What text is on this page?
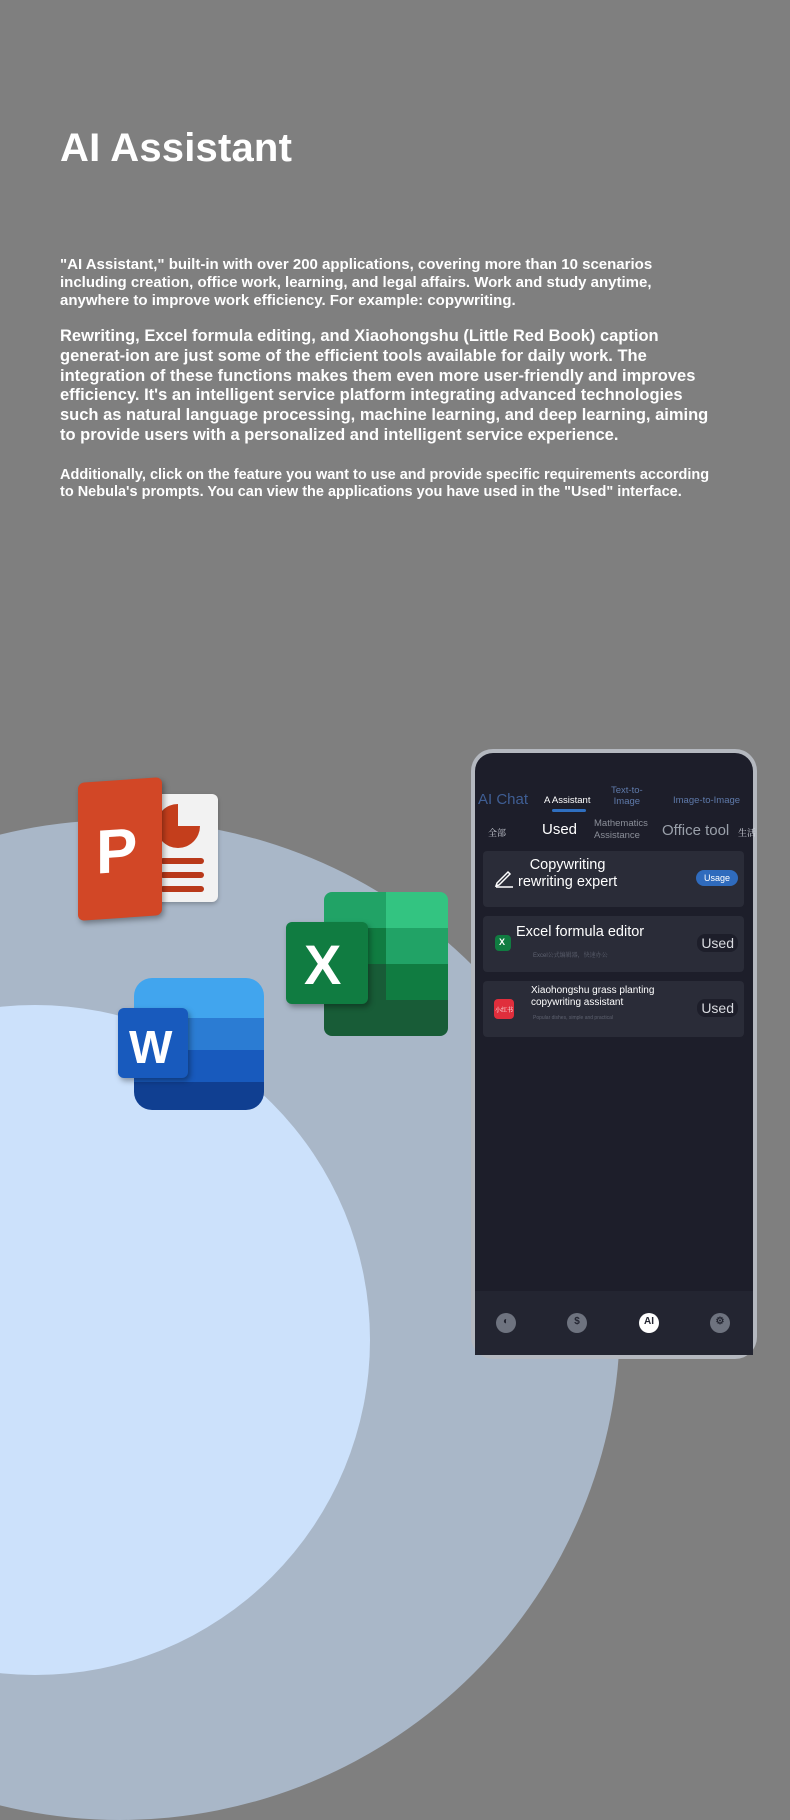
AI Assistant

"AI Assistant," built-in with over 200 applications, covering more than 10 scenarios including creation, office work, learning, and legal affairs. Work and study anytime, anywhere to improve work efficiency. For example: copywriting.

Rewriting, Excel formula editing, and Xiaohongshu (Little Red Book) caption generat-ion are just some of the efficient tools available for daily work. The integration of these functions makes them even more user-friendly and improves efficiency. It's an intelligent service platform integrating advanced technologies such as natural language processing, machine learning, and deep learning, aiming to provide users with a personalized and intelligent service experience.

Additionally, click on the feature you want to use and provide specific requirements according to Nebula's prompts. You can view the applications you have used in the "Used" interface.

P
W
X
AI Chat A Assistant
Text-to-
Image	Image-to-Image
全部 Used Mathematics
Assistance	Office tool 生活
Copywriting
rewriting expert	Usage
X
Excel formula editor
Excel公式编辑器，快速办公
Used
小红书
Xiaohongshu grass planting
copywriting assistant
Popular dishes, simple and practical
Used
◐	$	AI	⚙
